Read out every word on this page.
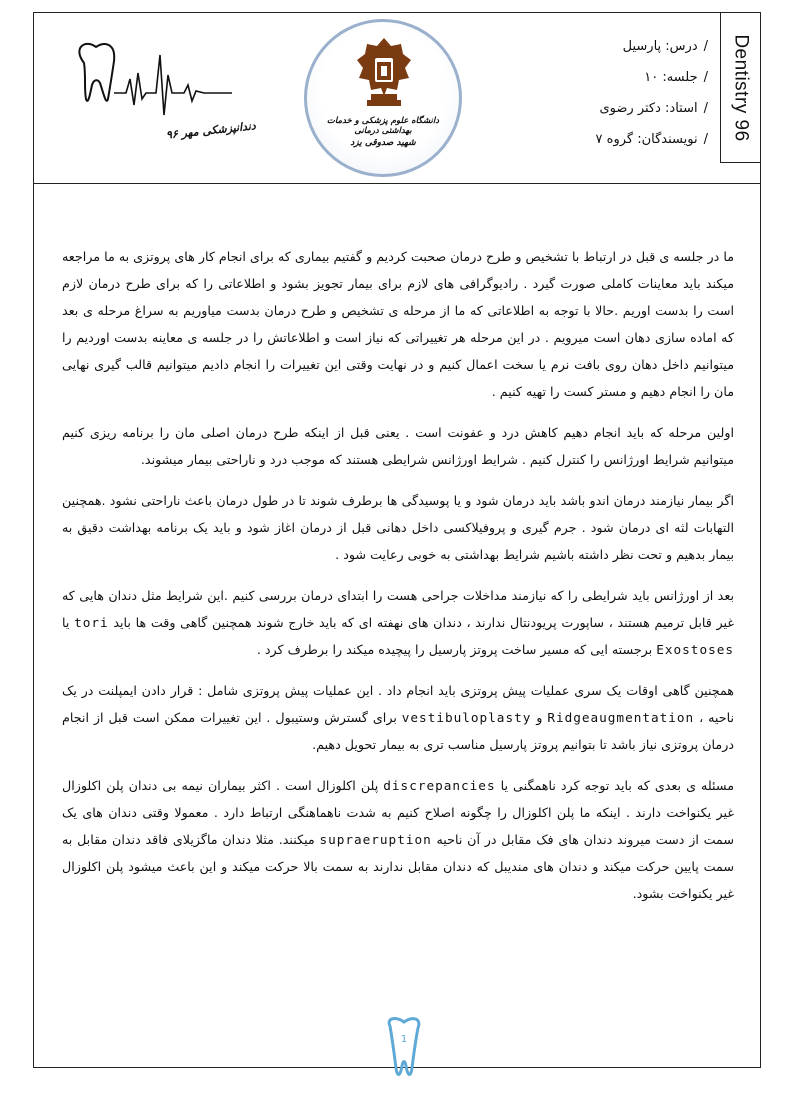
دندانپزشکی مهر ۹۶	دانشگاه علوم پزشکی و خدمات بهداشتی درمانی
شهید صدوقی یزد
/درس: پارسیل
/جلسه: ۱۰
/استاد: دکتر رضوی
/نویسندگان: گروه ۷	Dentistry 96

ما در جلسه ی قبل در ارتباط با تشخیص و طرح درمان صحبت کردیم و گفتیم بیماری که برای انجام کار های پروتزی به ما مراجعه میکند باید معاینات کاملی صورت گیرد . رادیوگرافی های لازم برای بیمار تجویز بشود و اطلاعاتی را که برای طرح درمان لازم است را بدست اوریم .حالا با توجه به اطلاعاتی که ما از مرحله ی تشخیص و طرح درمان بدست میاوریم به سراغ مرحله ی بعد که اماده سازی دهان است میرویم . در این مرحله هر تغییراتی که نیاز است و اطلاعاتش را در جلسه ی معاینه بدست اوردیم را میتوانیم داخل دهان روی بافت نرم یا سخت اعمال کنیم و در نهایت وقتی این تغییرات را انجام دادیم میتوانیم قالب گیری نهایی مان را انجام دهیم و مستر کست را تهیه کنیم .

اولین مرحله که باید انجام دهیم کاهش درد و عفونت است . یعنی قبل از اینکه طرح درمان اصلی مان را برنامه ریزی کنیم میتوانیم شرایط اورژانس را کنترل کنیم . شرایط اورژانس شرایطی هستند که موجب درد و ناراحتی بیمار میشوند.

اگر بیمار نیازمند درمان اندو باشد باید درمان شود و یا پوسیدگی ها برطرف شوند تا در طول درمان باعث ناراحتی نشود .همچنین التهابات لثه ای درمان شود . جرم گیری و پروفیلاکسی داخل دهانی قبل از درمان اغاز شود و باید یک برنامه بهداشت دقیق به بیمار بدهیم و تحت نظر داشته باشیم شرایط بهداشتی به خوبی رعایت شود .

بعد از اورژانس باید شرایطی را که نیازمند مداخلات جراحی هست را ابتدای درمان بررسی کنیم .این شرایط مثل دندان هایی که غیر قابل ترمیم هستند ، ساپورت پریودنتال ندارند ، دندان های نهفته ای که باید خارج شوند همچنین گاهی وقت ها باید tori یا Exostoses برجسته ایی که مسیر ساخت پروتز پارسیل را پیچیده میکند را برطرف کرد .

همچنین گاهی اوقات یک سری عملیات پیش پروتزی باید انجام داد . این عملیات پیش پروتزی شامل : قرار دادن ایمپلنت در یک ناحیه ، Ridgeaugmentation و vestibuloplasty برای گسترش وستیبول . این تغییرات ممکن است قبل از انجام درمان پروتزی نیاز باشد تا بتوانیم پروتز پارسیل مناسب تری به بیمار تحویل دهیم.

مسئله ی بعدی که باید توجه کرد ناهمگنی یا discrepancies پلن اکلوزال است . اکثر بیماران نیمه بی دندان پلن اکلوزال غیر یکنواخت دارند . اینکه ما پلن اکلوزال را چگونه اصلاح کنیم به شدت ناهماهنگی ارتباط دارد . معمولا وقتی دندان های یک سمت از دست میروند دندان های فک مقابل در آن ناحیه supraeruption میکنند. مثلا دندان ماگزیلای فاقد دندان مقابل به سمت پایین حرکت میکند و دندان های مندیبل که دندان مقابل ندارند به سمت بالا حرکت میکند و این باعث میشود پلن اکلوزال غیر یکنواخت بشود.

1
